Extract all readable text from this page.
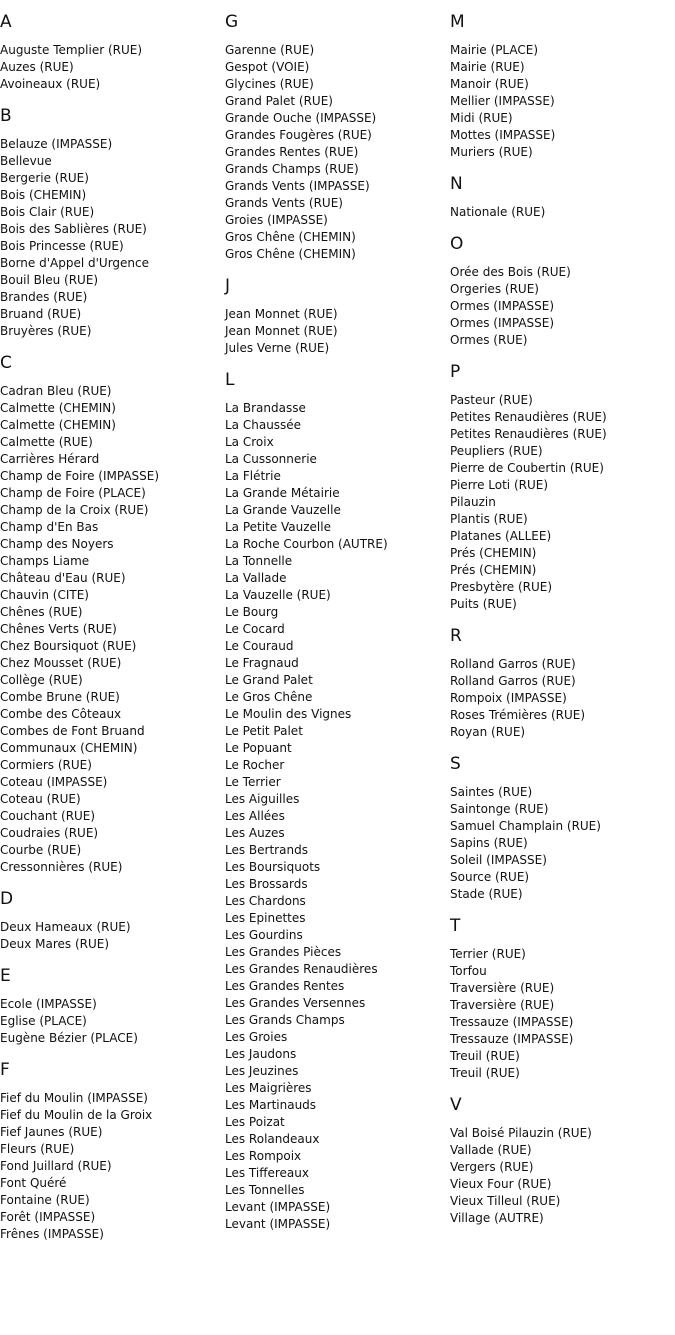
A
Auguste Templier (RUE)
Auzes (RUE)
Avoineaux (RUE)
B
Belauze (IMPASSE)
Bellevue
Bergerie (RUE)
Bois (CHEMIN)
Bois Clair (RUE)
Bois des Sablières (RUE)
Bois Princesse (RUE)
Borne d'Appel d'Urgence
Bouil Bleu (RUE)
Brandes (RUE)
Bruand (RUE)
Bruyères (RUE)
C
Cadran Bleu (RUE)
Calmette (CHEMIN)
Calmette (CHEMIN)
Calmette (RUE)
Carrières Hérard
Champ de Foire (IMPASSE)
Champ de Foire (PLACE)
Champ de la Croix (RUE)
Champ d'En Bas
Champ des Noyers
Champs Liame
Château d'Eau (RUE)
Chauvin (CITE)
Chênes (RUE)
Chênes Verts (RUE)
Chez Boursiquot (RUE)
Chez Mousset (RUE)
Collège (RUE)
Combe Brune (RUE)
Combe des Côteaux
Combes de Font Bruand
Communaux (CHEMIN)
Cormiers (RUE)
Coteau (IMPASSE)
Coteau (RUE)
Couchant (RUE)
Coudraies (RUE)
Courbe (RUE)
Cressonnières (RUE)
D
Deux Hameaux (RUE)
Deux Mares (RUE)
E
Ecole (IMPASSE)
Eglise (PLACE)
Eugène Bézier (PLACE)
F
Fief du Moulin (IMPASSE)
Fief du Moulin de la Groix
Fief Jaunes (RUE)
Fleurs (RUE)
Fond Juillard (RUE)
Font Quéré
Fontaine (RUE)
Forêt (IMPASSE)
Frênes (IMPASSE)
G
Garenne (RUE)
Gespot (VOIE)
Glycines (RUE)
Grand Palet (RUE)
Grande Ouche (IMPASSE)
Grandes Fougères (RUE)
Grandes Rentes (RUE)
Grands Champs (RUE)
Grands Vents (IMPASSE)
Grands Vents (RUE)
Groies (IMPASSE)
Gros Chêne (CHEMIN)
Gros Chêne (CHEMIN)
J
Jean Monnet (RUE)
Jean Monnet (RUE)
Jules Verne (RUE)
L
La Brandasse
La Chaussée
La Croix
La Cussonnerie
La Flétrie
La Grande Métairie
La Grande Vauzelle
La Petite Vauzelle
La Roche Courbon (AUTRE)
La Tonnelle
La Vallade
La Vauzelle (RUE)
Le Bourg
Le Cocard
Le Couraud
Le Fragnaud
Le Grand Palet
Le Gros Chêne
Le Moulin des Vignes
Le Petit Palet
Le Popuant
Le Rocher
Le Terrier
Les Aiguilles
Les Allées
Les Auzes
Les Bertrands
Les Boursiquots
Les Brossards
Les Chardons
Les Epinettes
Les Gourdins
Les Grandes Pièces
Les Grandes Renaudières
Les Grandes Rentes
Les Grandes Versennes
Les Grands Champs
Les Groies
Les Jaudons
Les Jeuzines
Les Maigrières
Les Martinauds
Les Poizat
Les Rolandeaux
Les Rompoix
Les Tiffereaux
Les Tonnelles
Levant (IMPASSE)
Levant (IMPASSE)
M
Mairie (PLACE)
Mairie (RUE)
Manoir (RUE)
Mellier (IMPASSE)
Midi (RUE)
Mottes (IMPASSE)
Muriers (RUE)
N
Nationale (RUE)
O
Orée des Bois (RUE)
Orgeries (RUE)
Ormes (IMPASSE)
Ormes (IMPASSE)
Ormes (RUE)
P
Pasteur (RUE)
Petites Renaudières (RUE)
Petites Renaudières (RUE)
Peupliers (RUE)
Pierre de Coubertin (RUE)
Pierre Loti (RUE)
Pilauzin
Plantis (RUE)
Platanes (ALLEE)
Prés (CHEMIN)
Prés (CHEMIN)
Presbytère (RUE)
Puits (RUE)
R
Rolland Garros (RUE)
Rolland Garros (RUE)
Rompoix (IMPASSE)
Roses Trémières (RUE)
Royan (RUE)
S
Saintes (RUE)
Saintonge (RUE)
Samuel Champlain (RUE)
Sapins (RUE)
Soleil (IMPASSE)
Source (RUE)
Stade (RUE)
T
Terrier (RUE)
Torfou
Traversière (RUE)
Traversière (RUE)
Tressauze (IMPASSE)
Tressauze (IMPASSE)
Treuil (RUE)
Treuil (RUE)
V
Val Boisé Pilauzin (RUE)
Vallade (RUE)
Vergers (RUE)
Vieux Four (RUE)
Vieux Tilleul (RUE)
Village (AUTRE)
